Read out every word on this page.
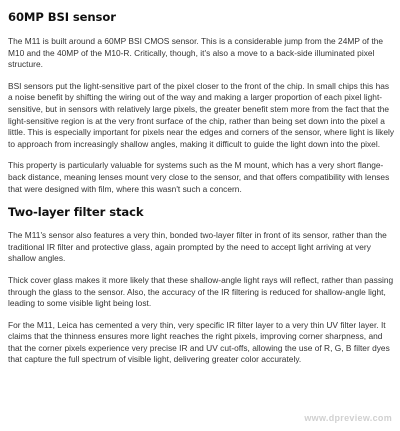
60MP BSI sensor

The M11 is built around a 60MP BSI CMOS sensor. This is a considerable jump from the 24MP of the M10 and the 40MP of the M10-R. Critically, though, it's also a move to a back-side illuminated pixel structure.

BSI sensors put the light-sensitive part of the pixel closer to the front of the chip. In small chips this has a noise benefit by shifting the wiring out of the way and making a larger proportion of each pixel light-sensitive, but in sensors with relatively large pixels, the greater benefit stem more from the fact that the light-sensitive region is at the very front surface of the chip, rather than being set down into the pixel a little. This is especially important for pixels near the edges and corners of the sensor, where light is likely to approach from increasingly shallow angles, making it difficult to guide the light down into the pixel.

This property is particularly valuable for systems such as the M mount, which has a very short flange-back distance, meaning lenses mount very close to the sensor, and that offers compatibility with lenses that were designed with film, where this wasn't such a concern.

Two-layer filter stack

The M11's sensor also features a very thin, bonded two-layer filter in front of its sensor, rather than the traditional IR filter and protective glass, again prompted by the need to accept light arriving at very shallow angles.

Thick cover glass makes it more likely that these shallow-angle light rays will reflect, rather than passing through the glass to the sensor. Also, the accuracy of the IR filtering is reduced for shallow-angle light, leading to some visible light being lost.

For the M11, Leica has cemented a very thin, very specific IR filter layer to a very thin UV filter layer. It claims that the thinness ensures more light reaches the right pixels, improving corner sharpness, and that the corner pixels experience very precise IR and UV cut-offs, allowing the use of R, G, B filter dyes that capture the full spectrum of visible light, delivering greater color accurately.

www.dpreview.com
